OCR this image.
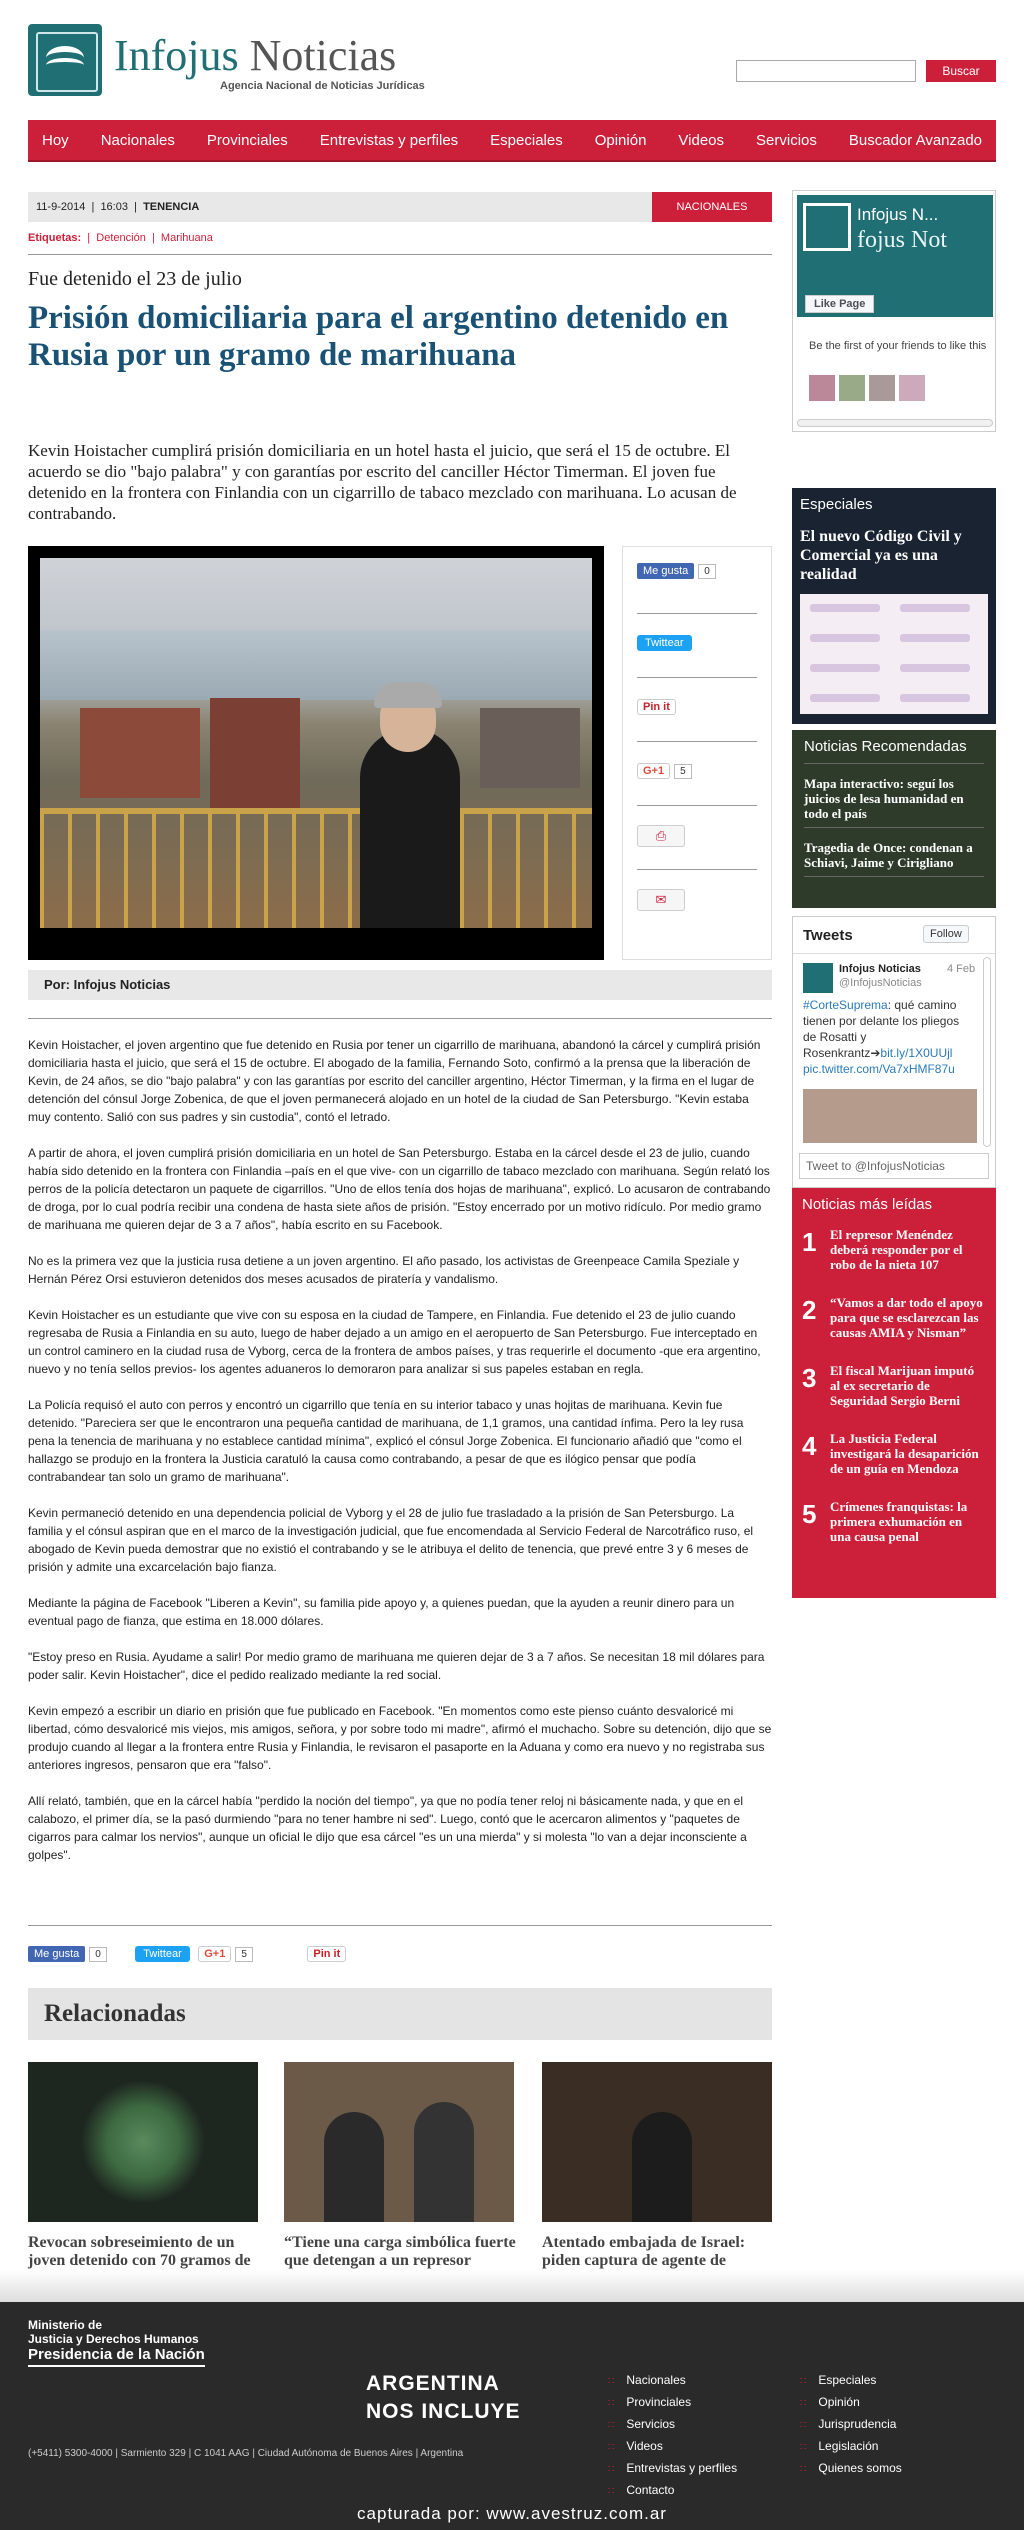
Infojus Noticias
Agencia Nacional de Noticias Jurídicas
Buscar
Hoy Nacionales Provinciales Entrevistas y perfiles Especiales Opinión Videos Servicios Buscador Avanzado
11-9-2014  |  16:03  |  TENENCIA	NACIONALES
Etiquetas:  |  Detención  |  Marihuana
Fue detenido el 23 de julio
Prisión domiciliaria para el argentino detenido en Rusia por un gramo de marihuana
Kevin Hoistacher cumplirá prisión domiciliaria en un hotel hasta el juicio, que será el 15 de octubre. El acuerdo se dio "bajo palabra" y con garantías por escrito del canciller Héctor Timerman. El joven fue detenido en la frontera con Finlandia con un cigarrillo de tabaco mezclado con marihuana. Lo acusan de contrabando.
Me gusta 0
Twittear
Pin it
G+1 5
⎙
✉
Por: Infojus Noticias

Kevin Hoistacher, el joven argentino que fue detenido en Rusia por tener un cigarrillo de marihuana, abandonó la cárcel y cumplirá prisión domiciliaria hasta el juicio, que será el 15 de octubre. El abogado de la familia, Fernando Soto, confirmó a la prensa que la liberación de Kevin, de 24 años, se dio "bajo palabra" y con las garantías por escrito del canciller argentino, Héctor Timerman, y la firma en el lugar de detención del cónsul Jorge Zobenica, de que el joven permanecerá alojado en un hotel de la ciudad de San Petersburgo. "Kevin estaba muy contento. Salió con sus padres y sin custodia", contó el letrado.

A partir de ahora, el joven cumplirá prisión domiciliaria en un hotel de San Petersburgo. Estaba en la cárcel desde el 23 de julio, cuando había sido detenido en la frontera con Finlandia –país en el que vive- con un cigarrillo de tabaco mezclado con marihuana. Según relató los perros de la policía detectaron un paquete de cigarrillos. "Uno de ellos tenía dos hojas de marihuana", explicó. Lo acusaron de contrabando de droga, por lo cual podría recibir una condena de hasta siete años de prisión. "Estoy encerrado por un motivo ridículo. Por medio gramo de marihuana me quieren dejar de 3 a 7 años", había escrito en su Facebook.

No es la primera vez que la justicia rusa detiene a un joven argentino. El año pasado, los activistas de Greenpeace Camila Speziale y Hernán Pérez Orsi estuvieron detenidos dos meses acusados de piratería y vandalismo.

Kevin Hoistacher es un estudiante que vive con su esposa en la ciudad de Tampere, en Finlandia. Fue detenido el 23 de julio cuando regresaba de Rusia a Finlandia en su auto, luego de haber dejado a un amigo en el aeropuerto de San Petersburgo. Fue interceptado en un control caminero en la ciudad rusa de Vyborg, cerca de la frontera de ambos países, y tras requerirle el documento -que era argentino, nuevo y no tenía sellos previos- los agentes aduaneros lo demoraron para analizar si sus papeles estaban en regla.

La Policía requisó el auto con perros y encontró un cigarrillo que tenía en su interior tabaco y unas hojitas de marihuana. Kevin fue detenido. "Pareciera ser que le encontraron una pequeña cantidad de marihuana, de 1,1 gramos, una cantidad ínfima. Pero la ley rusa pena la tenencia de marihuana y no establece cantidad mínima", explicó el cónsul Jorge Zobenica. El funcionario añadió que "como el hallazgo se produjo en la frontera la Justicia caratuló la causa como contrabando, a pesar de que es ilógico pensar que podía contrabandear tan solo un gramo de marihuana".

Kevin permaneció detenido en una dependencia policial de Vyborg y el 28 de julio fue trasladado a la prisión de San Petersburgo. La familia y el cónsul aspiran que en el marco de la investigación judicial, que fue encomendada al Servicio Federal de Narcotráfico ruso, el abogado de Kevin pueda demostrar que no existió el contrabando y se le atribuya el delito de tenencia, que prevé entre 3 y 6 meses de prisión y admite una excarcelación bajo fianza.

Mediante la página de Facebook "Liberen a Kevin", su familia pide apoyo y, a quienes puedan, que la ayuden a reunir dinero para un eventual pago de fianza, que estima en 18.000 dólares.

"Estoy preso en Rusia. Ayudame a salir! Por medio gramo de marihuana me quieren dejar de 3 a 7 años. Se necesitan 18 mil dólares para poder salir. Kevin Hoistacher", dice el pedido realizado mediante la red social.

Kevin empezó a escribir un diario en prisión que fue publicado en Facebook. "En momentos como este pienso cuánto desvaloricé mi libertad, cómo desvaloricé mis viejos, mis amigos, señora, y por sobre todo mi madre", afirmó el muchacho. Sobre su detención, dijo que se produjo cuando al llegar a la frontera entre Rusia y Finlandia, le revisaron el pasaporte en la Aduana y como era nuevo y no registraba sus anteriores ingresos, pensaron que era "falso".

Allí relató, también, que en la cárcel había "perdido la noción del tiempo", ya que no podía tener reloj ni básicamente nada, y que en el calabozo, el primer día, se la pasó durmiendo "para no tener hambre ni sed". Luego, contó que le acercaron alimentos y "paquetes de cigarros para calmar los nervios", aunque un oficial le dijo que esa cárcel "es un una mierda" y si molesta "lo van a dejar inconsciente a golpes".

Me gusta 0	Twittear G+1 5	Pin it
Relacionadas
Revocan sobreseimiento de un joven detenido con 70 gramos de
“Tiene una carga simbólica fuerte que detengan a un represor
Atentado embajada de Israel: piden captura de agente de
Infojus N...
fojus Not
Like Page
Be the first of your friends to like this
Especiales
El nuevo Código Civil y Comercial ya es una realidad
Noticias Recomendadas
Mapa interactivo: seguí los juicios de lesa humanidad en todo el país
Tragedia de Once: condenan a Schiavi, Jaime y Cirigliano
Tweets	Follow
Infojus Noticias 4 Feb
@InfojusNoticias
#CorteSuprema: qué camino tienen por delante los pliegos de Rosatti y Rosenkrantz➔bit.ly/1X0UUjl
pic.twitter.com/Va7xHMF87u
Tweet to @InfojusNoticias
Noticias más leídas
1 El represor Menéndez deberá responder por el robo de la nieta 107
2 “Vamos a dar todo el apoyo para que se esclarezcan las causas AMIA y Nisman”
3 El fiscal Marijuan imputó al ex secretario de Seguridad Sergio Berni
4 La Justicia Federal investigará la desaparición de un guía en Mendoza
5 Crímenes franquistas: la primera exhumación en una causa penal
Ministerio de
Justicia y Derechos Humanos
Presidencia de la Nación
ARGENTINA
NOS INCLUYE
(+5411) 5300-4000 | Sarmiento 329 | C 1041 AAG | Ciudad Autónoma de Buenos Aires | Argentina
∷ Nacionales
∷ Provinciales
∷ Servicios
∷ Videos
∷ Entrevistas y perfiles
∷ Contacto
∷ Especiales
∷ Opinión
∷ Jurisprudencia
∷ Legislación
∷ Quienes somos
capturada por: www.avestruz.com.ar
